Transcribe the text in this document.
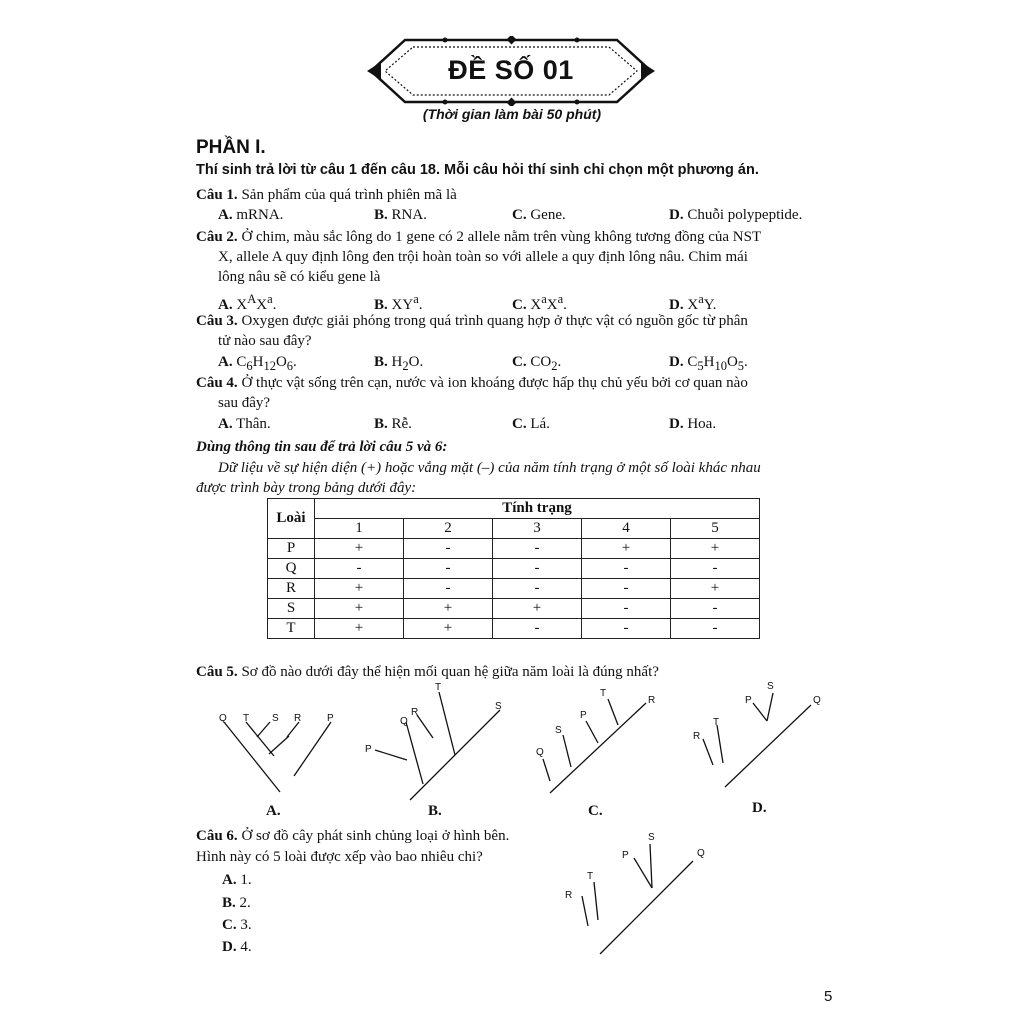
ĐỀ SỐ 01
(Thời gian làm bài 50 phút)
PHẦN I.
Thí sinh trả lời từ câu 1 đến câu 18. Mỗi câu hỏi thí sinh chỉ chọn một phương án.
Câu 1. Sản phẩm của quá trình phiên mã là
A. mRNA.	B. RNA.	C. Gene.	D. Chuỗi polypeptide.
Câu 2. Ở chim, màu sắc lông do 1 gene có 2 allele nằm trên vùng không tương đồng của NST
X, allele A quy định lông đen trội hoàn toàn so với allele a quy định lông nâu. Chim mái
lông nâu sẽ có kiểu gene là
A. $X^AX^a$.	B. $XY^a$.	C. $X^aX^a$.	D. $X^aY$.
Câu 3. Oxygen được giải phóng trong quá trình quang hợp ở thực vật có nguồn gốc từ phân
tử nào sau đây?
A. $C_6H_{12}O_6$.	B. $H_2O$.	C. $CO_2$.	D. $C_5H_{10}O_5$.
Câu 4. Ở thực vật sống trên cạn, nước và ion khoáng được hấp thụ chủ yếu bởi cơ quan nào
sau đây?
A. Thân.	B. Rễ.	C. Lá.	D. Hoa.
Dùng thông tin sau để trả lời câu 5 và 6:
Dữ liệu về sự hiện diện (+) hoặc vắng mặt (–) của năm tính trạng ở một số loài khác nhau
được trình bày trong bảng dưới đây:
Loài	Tính trạng				
	1	2	3	4	5
P	+	-	-	+	+
Q	-	-	-	-	-
R	+	-	-	-	+
S	+	+	+	-	-
T	+	+	-	-	-
Câu 5. Sơ đồ nào dưới đây thể hiện mối quan hệ giữa năm loài là đúng nhất?
Q T S R	P
A.
P
Q
R
T
S
B.
Q
S
P
T
R
C.
R
T
P
S
Q
D.
Câu 6. Ở sơ đồ cây phát sinh chủng loại ở hình bên.
Hình này có 5 loài được xếp vào bao nhiêu chi?
A. 1.
B. 2.
C. 3.
D. 4.
R
T
P
S
Q
5
